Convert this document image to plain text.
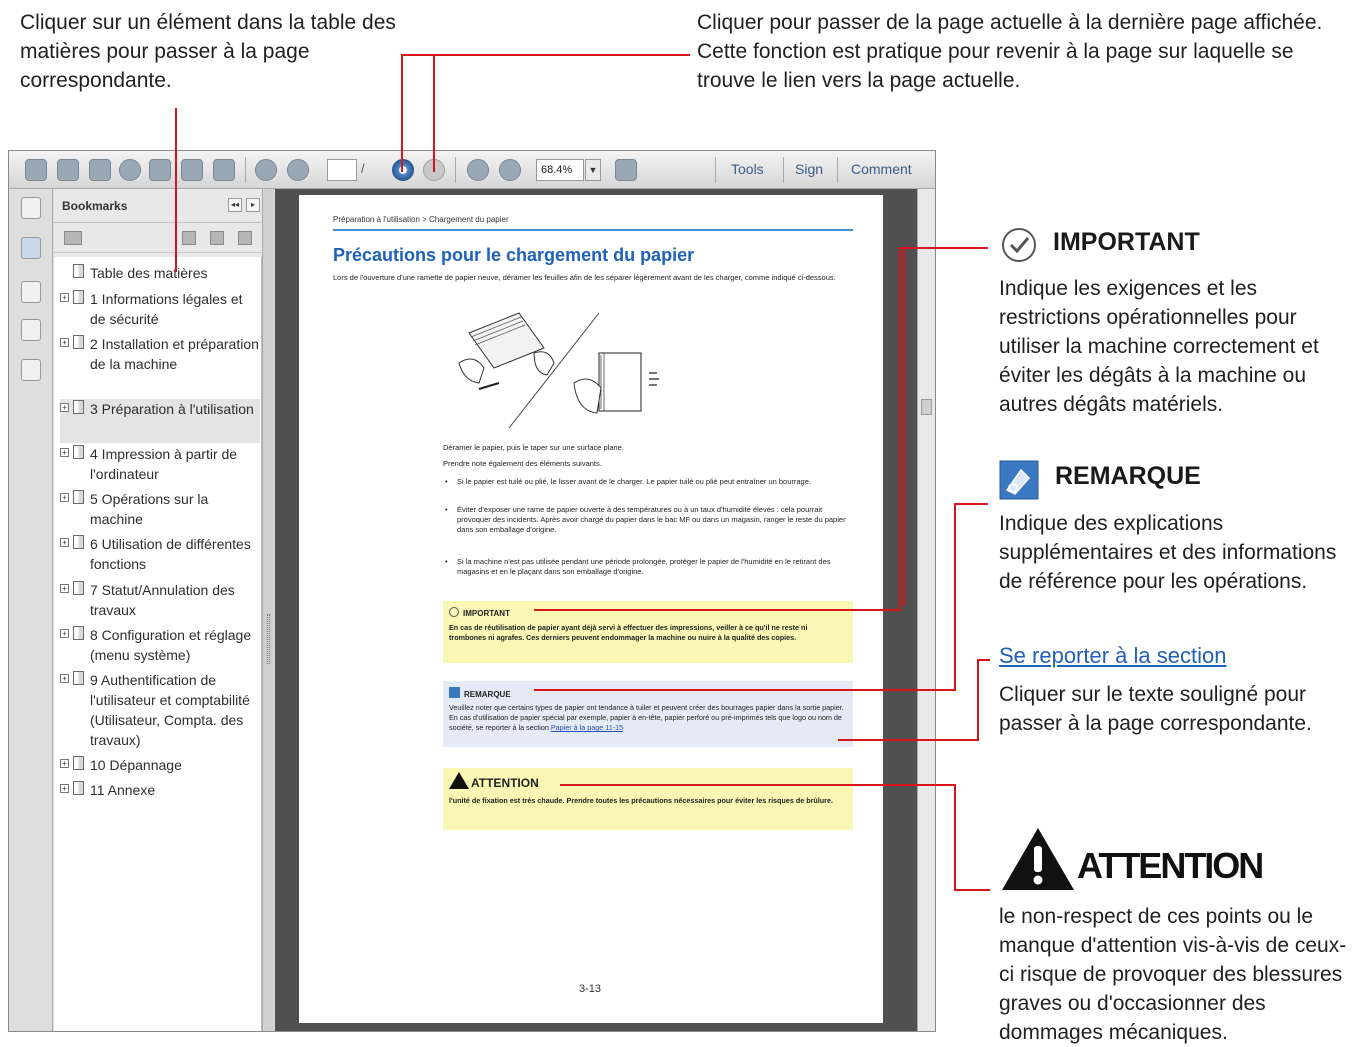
Cliquer sur un élément dans la table des matières pour passer à la page correspondante.
Cliquer pour passer de la page actuelle à la dernière page affichée. Cette fonction est pratique pour revenir à la page sur laquelle se trouve le lien vers la page actuelle.
/	68.4%	▼	Tools Sign Comment
Bookmarks	◂◂	▸
Table des matières
+ 1 Informations légales et de sécurité
+ 2 Installation et préparation de la machine
+ 3 Préparation à l'utilisation
+ 4 Impression à partir de l'ordinateur
+ 5 Opérations sur la machine
+ 6 Utilisation de différentes fonctions
+ 7 Statut/Annulation des travaux
+ 8 Configuration et réglage (menu système)
+ 9 Authentification de l'utilisateur et comptabilité (Utilisateur, Compta. des travaux)
+ 10 Dépannage
+ 11 Annexe
Préparation à l'utilisation > Chargement du papier
Précautions pour le chargement du papier
Lors de l'ouverture d'une ramette de papier neuve, déramer les feuilles afin de les séparer légèrement avant de les charger, comme indiqué ci-dessous.
Déramer le papier, puis le taper sur une surface plane.
Prendre note également des éléments suivants.
Si le papier est tuilé ou plié, le lisser avant de le charger. Le papier tuilé ou plié peut entraîner un bourrage.
Éviter d'exposer une rame de papier ouverte à des températures ou à un taux d'humidité élevés : cela pourrait provoquer des incidents. Après avoir chargé du papier dans le bac MF ou dans un magasin, ranger le reste du papier dans son emballage d'origine.
Si la machine n'est pas utilisée pendant une période prolongée, protéger le papier de l'humidité en le retirant des magasins et en le plaçant dans son emballage d'origine.
•
•
•
IMPORTANT
En cas de réutilisation de papier ayant déjà servi à effectuer des impressions, veiller à ce qu'il ne reste ni trombones ni agrafes. Ces derniers peuvent endommager la machine ou nuire à la qualité des copies.
REMARQUE
Veuillez noter que certains types de papier ont tendance à tuiler et peuvent créer des bourrages papier dans la sortie papier. En cas d'utilisation de papier spécial par exemple, papier à en-tête, papier perforé ou pré-imprimés tels que logo ou nom de société, se reporter à la section Papier à la page 11-15
ATTENTION
l'unité de fixation est très chaude. Prendre toutes les précautions nécessaires pour éviter les risques de brûlure.
3-13
IMPORTANT
Indique les exigences et les restrictions opérationnelles pour utiliser la machine correctement et éviter les dégâts à la machine ou autres dégâts matériels.
REMARQUE
Indique des explications supplémentaires et des informations de référence pour les opérations.
Se reporter à la section
Cliquer sur le texte souligné pour passer à la page correspondante.
ATTENTION
le non-respect de ces points ou le manque d'attention vis-à-vis de ceux-ci risque de provoquer des blessures graves ou d'occasionner des dommages mécaniques.
